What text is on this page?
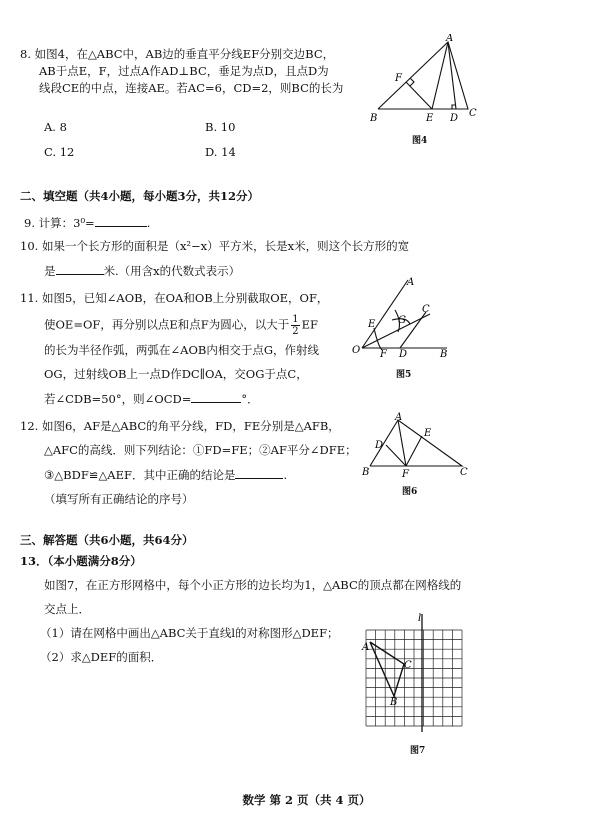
8. 如图4，在△ABC中，AB边的垂直平分线EF分别交边BC，

AB于点E，F，过点A作AD⊥BC，垂足为点D，且点D为

线段CE的中点，连接AE。若AC=6，CD=2，则BC的长为

A. 8	B. 10
C. 12	D. 14
A
F
B	E D C
图4
二、填空题（共4小题，每小题3分，共12分）
9. 计算：3⁰=	.

10. 如果一个长方形的面积是（x²−x）平方米，长是x米，则这个长方形的宽

是	米.（用含x的代数式表示）

11. 如图5，已知∠AOB，在OA和OB上分别截取OE，OF，

使OE=OF，再分别以点E和点F为圆心，以大于 $\frac{1}{2}$ EF

的长为半径作弧，两弧在∠AOB内相交于点G，作射线

OG，过射线OB上一点D作DC∥OA，交OG于点C，

若∠CDB=50°，则∠OCD=	°．

A
C
E G
O F D	B
图5

12. 如图6，AF是△ABC的角平分线，FD，FE分别是△AFB，

△AFC的高线．则下列结论：①FD=FE；②AF平分∠DFE；

③△BDF≌△AEF．其中正确的结论是	.

（填写所有正确结论的序号）

A
D
E
B	F	C
图6
三、解答题（共6小题，共64分）

13．（本小题满分8分）

如图7，在正方形网格中，每个小正方形的边长均为1，△ABC的顶点都在网格线的

交点上．

（1）请在网格中画出△ABC关于直线l的对称图形△DEF；

（2）求△DEF的面积．

l
A
C
B
图7
数学 第 2 页（共 4 页）
